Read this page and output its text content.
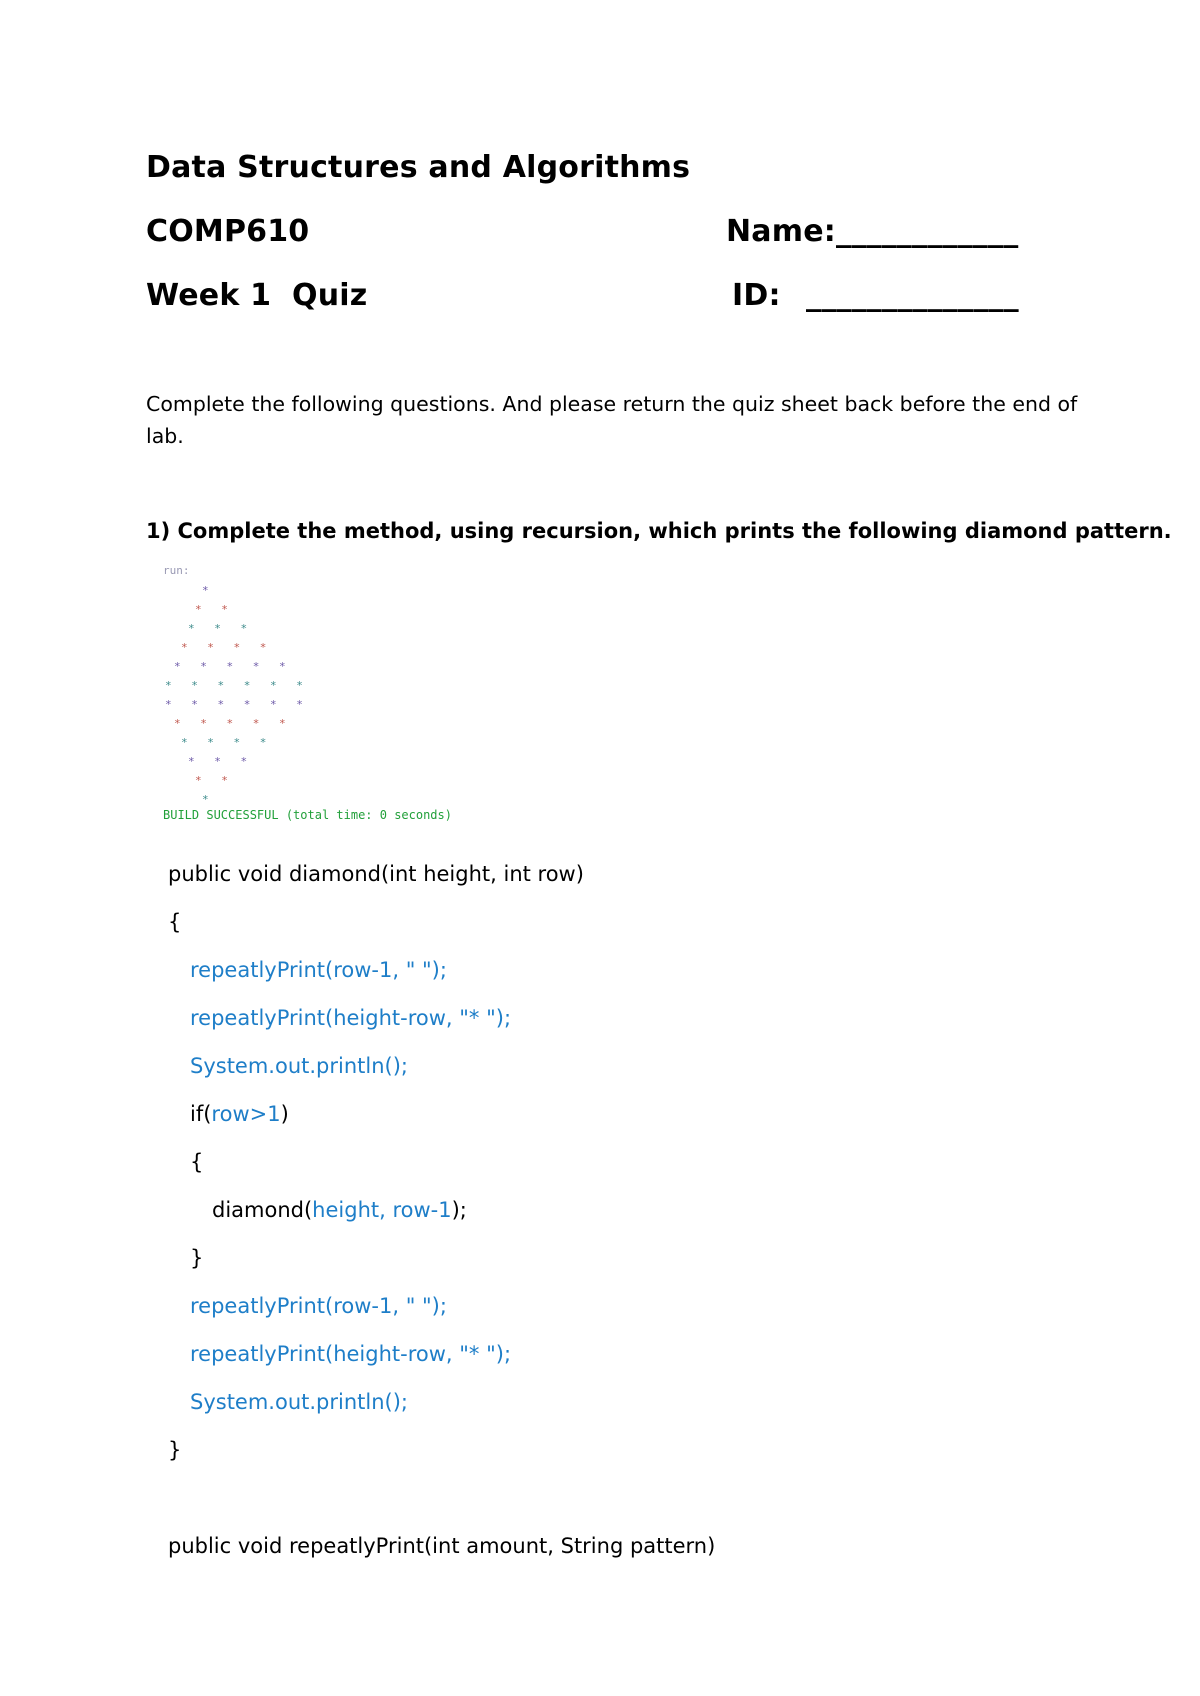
Data Structures and Algorithms
COMP610	Name: ____________
Week 1 Quiz	ID: ______________
Complete the following questions. And please return the quiz sheet back before the end of
lab.
1) Complete the method, using recursion, which prints the following diamond pattern.
run:
*
* *
* * *
* * * *
* * * * *
* * * * * *
* * * * * *
* * * * *
* * * *
* * *
* *
*
BUILD SUCCESSFUL (total time: 0 seconds)
public void diamond(int height, int row)
{
repeatlyPrint(row-1, " ");
repeatlyPrint(height-row, "* ");
System.out.println();
if(row>1)
{
diamond(height, row-1);
}
repeatlyPrint(row-1, " ");
repeatlyPrint(height-row, "* ");
System.out.println();
}
public void repeatlyPrint(int amount, String pattern)
